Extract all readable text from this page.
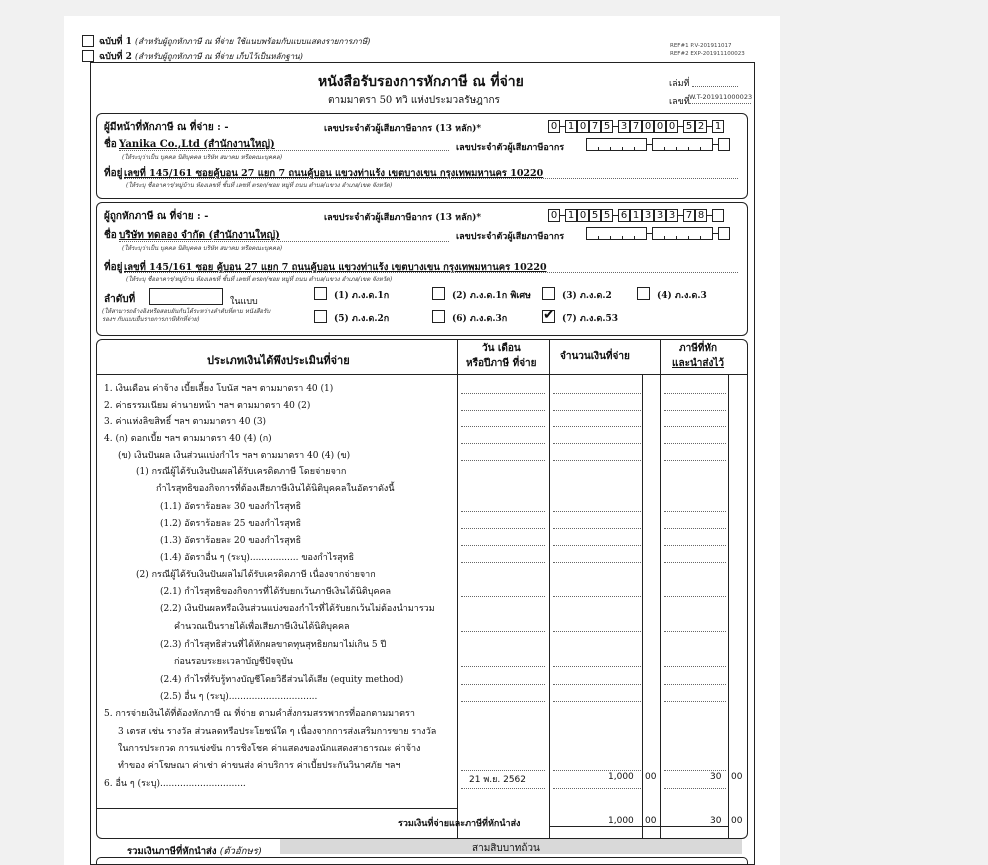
ฉบับที่ 1 (สำหรับผู้ถูกหักภาษี ณ ที่จ่าย ใช้แนบพร้อมกับแบบแสดงรายการภาษี)
ฉบับที่ 2 (สำหรับผู้ถูกหักภาษี ณ ที่จ่าย เก็บไว้เป็นหลักฐาน)
REF#1 P.V-201911017
REF#2 EXP-201911100023
หนังสือรับรองการหักภาษี ณ ที่จ่าย
ตามมาตรา 50 ทวิ แห่งประมวลรัษฎากร
เล่มที่
เลขที่ W.T-201911000023
ผู้มีหน้าที่หักภาษี ณ ที่จ่าย : -	เลขประจำตัวผู้เสียภาษีอากร (13 หลัก)*	0 1 0 7 5 3 7 0 0 0 5 2 1
ชื่อ Yanika Co.,Ltd (สำนักงานใหญ่)
(ให้ระบุว่าเป็น บุคคล นิติบุคคล บริษัท สมาคม หรือคณะบุคคล)
เลขประจำตัวผู้เสียภาษีอากร
ที่อยู่ เลขที่ 145/161 ซอยคู้บอน 27 แยก 7 ถนนคู้บอน แขวงท่าแร้ง เขตบางเขน กรุงเทพมหานคร 10220
(ให้ระบุ ชื่ออาคาร/หมู่บ้าน ห้องเลขที่ ชั้นที่ เลขที่ ตรอก/ซอย หมู่ที่ ถนน ตำบล/แขวง อำเภอ/เขต จังหวัด)
ผู้ถูกหักภาษี ณ ที่จ่าย : -	เลขประจำตัวผู้เสียภาษีอากร (13 หลัก)*	0 1 0 5 5 6 1 3 3 3 7 8
ชื่อ บริษัท ทดลอง จำกัด (สำนักงานใหญ่)
(ให้ระบุว่าเป็น บุคคล นิติบุคคล บริษัท สมาคม หรือคณะบุคคล)
เลขประจำตัวผู้เสียภาษีอากร
ที่อยู่ เลขที่ 145/161 ซอย คู้บอน 27 แยก 7 ถนนคู้บอน แขวงท่าแร้ง เขตบางเขน กรุงเทพมหานคร 10220
(ให้ระบุ ชื่ออาคาร/หมู่บ้าน ห้องเลขที่ ชั้นที่ เลขที่ ตรอก/ซอย หมู่ที่ ถนน ตำบล/แขวง อำเภอ/เขต จังหวัด)
ลำดับที่	ในแบบ
(ให้สามารถอ้างอิงหรือสอบยันกันได้ระหว่างลำดับที่ตาม หนังสือรับรองฯ กับแบบยื่นรายการภาษีหักที่จ่าย)
(1) ภ.ง.ด.1ก	(2) ภ.ง.ด.1ก พิเศษ	(3) ภ.ง.ด.2	(4) ภ.ง.ด.3
(5) ภ.ง.ด.2ก	(6) ภ.ง.ด.3ก	✔ (7) ภ.ง.ด.53
ประเภทเงินได้พึงประเมินที่จ่าย
วัน เดือน
หรือปีภาษี ที่จ่าย
จำนวนเงินที่จ่าย
ภาษีที่หัก
และนำส่งไว้
1. เงินเดือน ค่าจ้าง เบี้ยเลี้ยง โบนัส ฯลฯ ตามมาตรา 40 (1)
2. ค่าธรรมเนียม ค่านายหน้า ฯลฯ ตามมาตรา 40 (2)
3. ค่าแห่งลิขสิทธิ์ ฯลฯ ตามมาตรา 40 (3)
4. (ก) ดอกเบี้ย ฯลฯ ตามมาตรา 40 (4) (ก)
(ข) เงินปันผล เงินส่วนแบ่งกำไร ฯลฯ ตามมาตรา 40 (4) (ข)
(1) กรณีผู้ได้รับเงินปันผลได้รับเครดิตภาษี โดยจ่ายจาก
กำไรสุทธิของกิจการที่ต้องเสียภาษีเงินได้นิติบุคคลในอัตราดังนี้
(1.1) อัตราร้อยละ 30 ของกำไรสุทธิ
(1.2) อัตราร้อยละ 25 ของกำไรสุทธิ
(1.3) อัตราร้อยละ 20 ของกำไรสุทธิ
(1.4) อัตราอื่น ๆ (ระบุ)................. ของกำไรสุทธิ
(2) กรณีผู้ได้รับเงินปันผลไม่ได้รับเครดิตภาษี เนื่องจากจ่ายจาก
(2.1) กำไรสุทธิของกิจการที่ได้รับยกเว้นภาษีเงินได้นิติบุคคล
(2.2) เงินปันผลหรือเงินส่วนแบ่งของกำไรที่ได้รับยกเว้นไม่ต้องนำมารวม
คำนวณเป็นรายได้เพื่อเสียภาษีเงินได้นิติบุคคล
(2.3) กำไรสุทธิส่วนที่ได้หักผลขาดทุนสุทธิยกมาไม่เกิน 5 ปี
ก่อนรอบระยะเวลาบัญชีปัจจุบัน
(2.4) กำไรที่รับรู้ทางบัญชีโดยวิธีส่วนได้เสีย (equity method)
(2.5) อื่น ๆ (ระบุ)...............................
5. การจ่ายเงินได้ที่ต้องหักภาษี ณ ที่จ่าย ตามคำสั่งกรมสรรพากรที่ออกตามมาตรา
3 เตรส เช่น รางวัล ส่วนลดหรือประโยชน์ใด ๆ เนื่องจากการส่งเสริมการขาย รางวัล
ในการประกวด การแข่งขัน การชิงโชค ค่าแสดงของนักแสดงสาธารณะ ค่าจ้าง
ทำของ ค่าโฆษณา ค่าเช่า ค่าขนส่ง ค่าบริการ ค่าเบี้ยประกันวินาศภัย ฯลฯ
6. อื่น ๆ (ระบุ)..............................	21 พ.ย. 2562	1,000 00	30 00
รวมเงินที่จ่ายและภาษีที่หักนำส่ง	1,000 00	30 00
รวมเงินภาษีที่หักนำส่ง (ตัวอักษร)	สามสิบบาทถ้วน
